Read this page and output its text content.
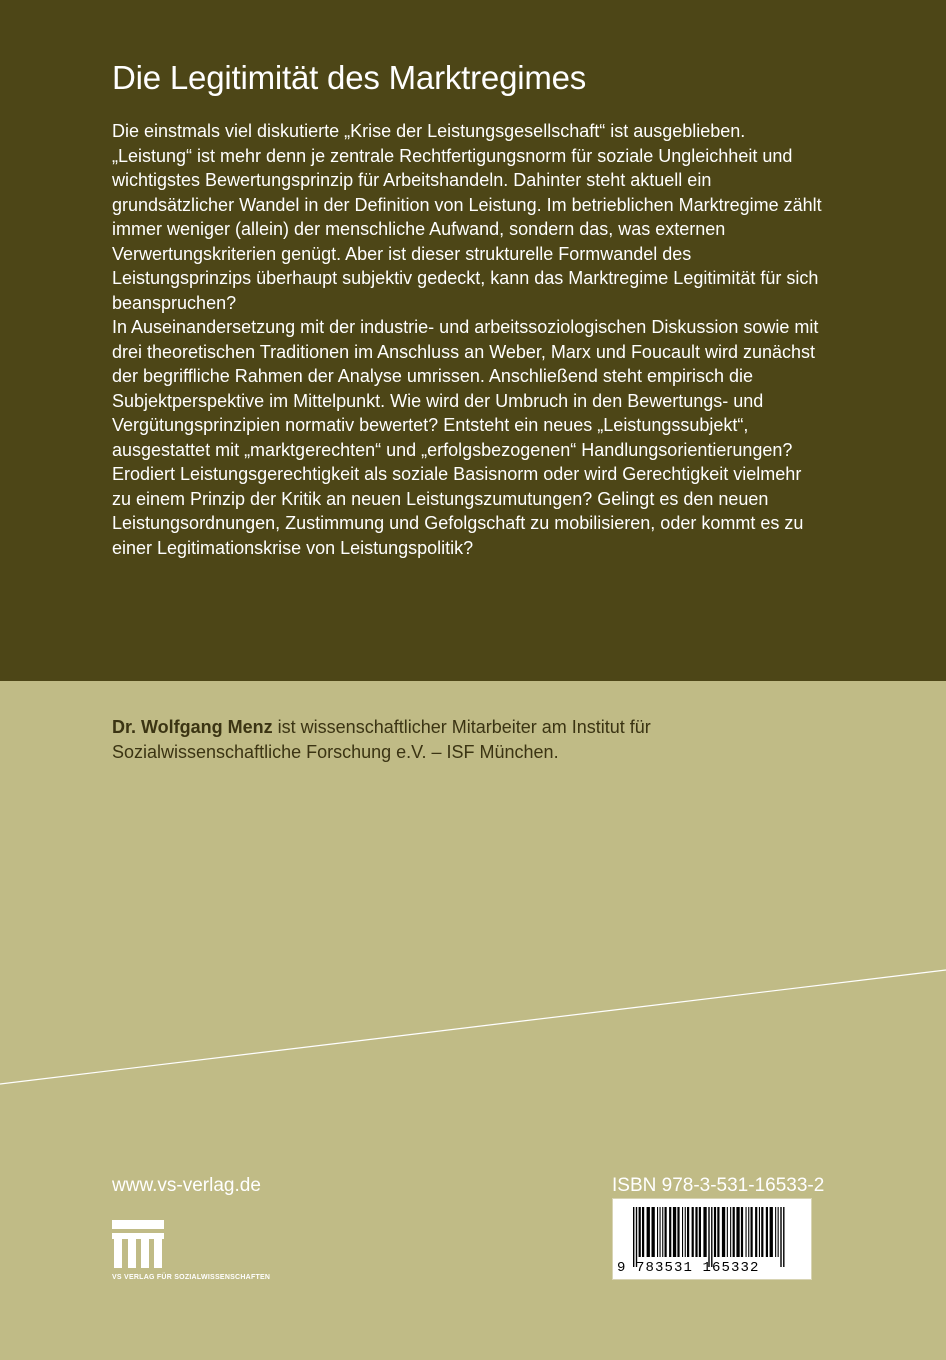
Die Legitimität des Marktregimes

Die einstmals viel diskutierte „Krise der Leistungsgesellschaft“ ist ausgeblieben. „Leistung“ ist mehr denn je zentrale Rechtfertigungsnorm für soziale Ungleichheit und wichtigstes Bewertungsprinzip für Arbeitshandeln. Dahinter steht aktuell ein grundsätzlicher Wandel in der Definition von Leistung. Im betrieblichen Marktregime zählt immer weniger (allein) der menschliche Aufwand, sondern das, was externen Verwertungskriterien genügt. Aber ist dieser strukturelle Formwandel des Leistungsprinzips überhaupt subjektiv gedeckt, kann das Marktregime Legitimität für sich beanspruchen?

In Auseinandersetzung mit der industrie- und arbeitssoziologischen Diskussion sowie mit drei theoretischen Traditionen im Anschluss an Weber, Marx und Foucault wird zunächst der begriffliche Rahmen der Analyse umrissen. Anschließend steht empirisch die Subjektperspektive im Mittelpunkt. Wie wird der Umbruch in den Bewertungs- und Vergütungsprinzipien normativ bewertet? Entsteht ein neues „Leistungssubjekt“, ausgestattet mit „marktgerechten“ und „erfolgsbezogenen“ Handlungsorientierungen? Erodiert Leistungsgerechtigkeit als soziale Basisnorm oder wird Gerechtigkeit vielmehr zu einem Prinzip der Kritik an neuen Leistungszumutungen? Gelingt es den neuen Leistungsordnungen, Zustimmung und Gefolgschaft zu mobilisieren, oder kommt es zu einer Legitimationskrise von Leistungspolitik?

Dr. Wolfgang Menz ist wissenschaftlicher Mitarbeiter am Institut für Sozialwissenschaftliche Forschung e.V. – ISF München.
www.vs-verlag.de	ISBN 978-3-531-16533-2
VS VERLAG FÜR SOZIALWISSENSCHAFTEN
9 783531 165332
